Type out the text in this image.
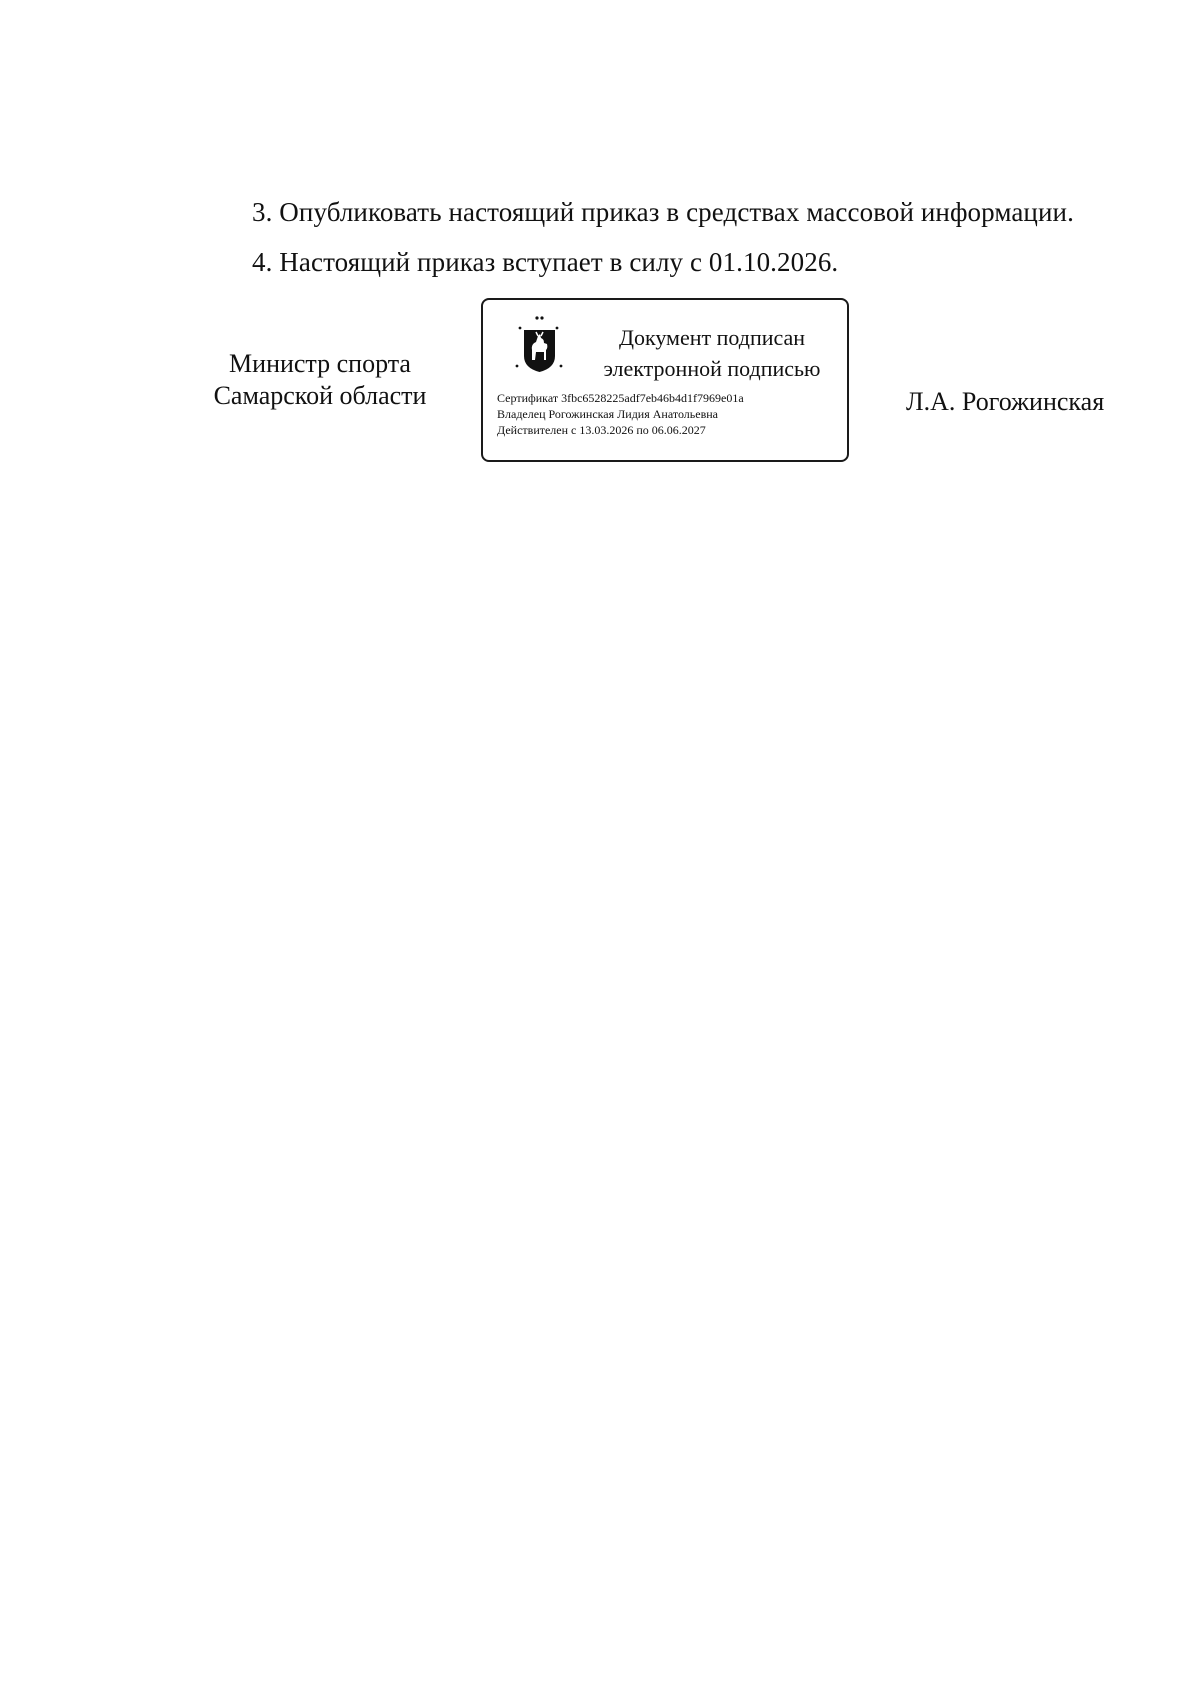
3. Опубликовать настоящий приказ в средствах массовой информации.
4. Настоящий приказ вступает в силу с 01.10.2026.
Министр спорта
Самарской области
Документ подписан
электронной подписью
Сертификат 3fbc6528225adf7eb46b4d1f7969e01a
Владелец Рогожинская Лидия Анатольевна
Действителен с 13.03.2026 по 06.06.2027
Л.А. Рогожинская
